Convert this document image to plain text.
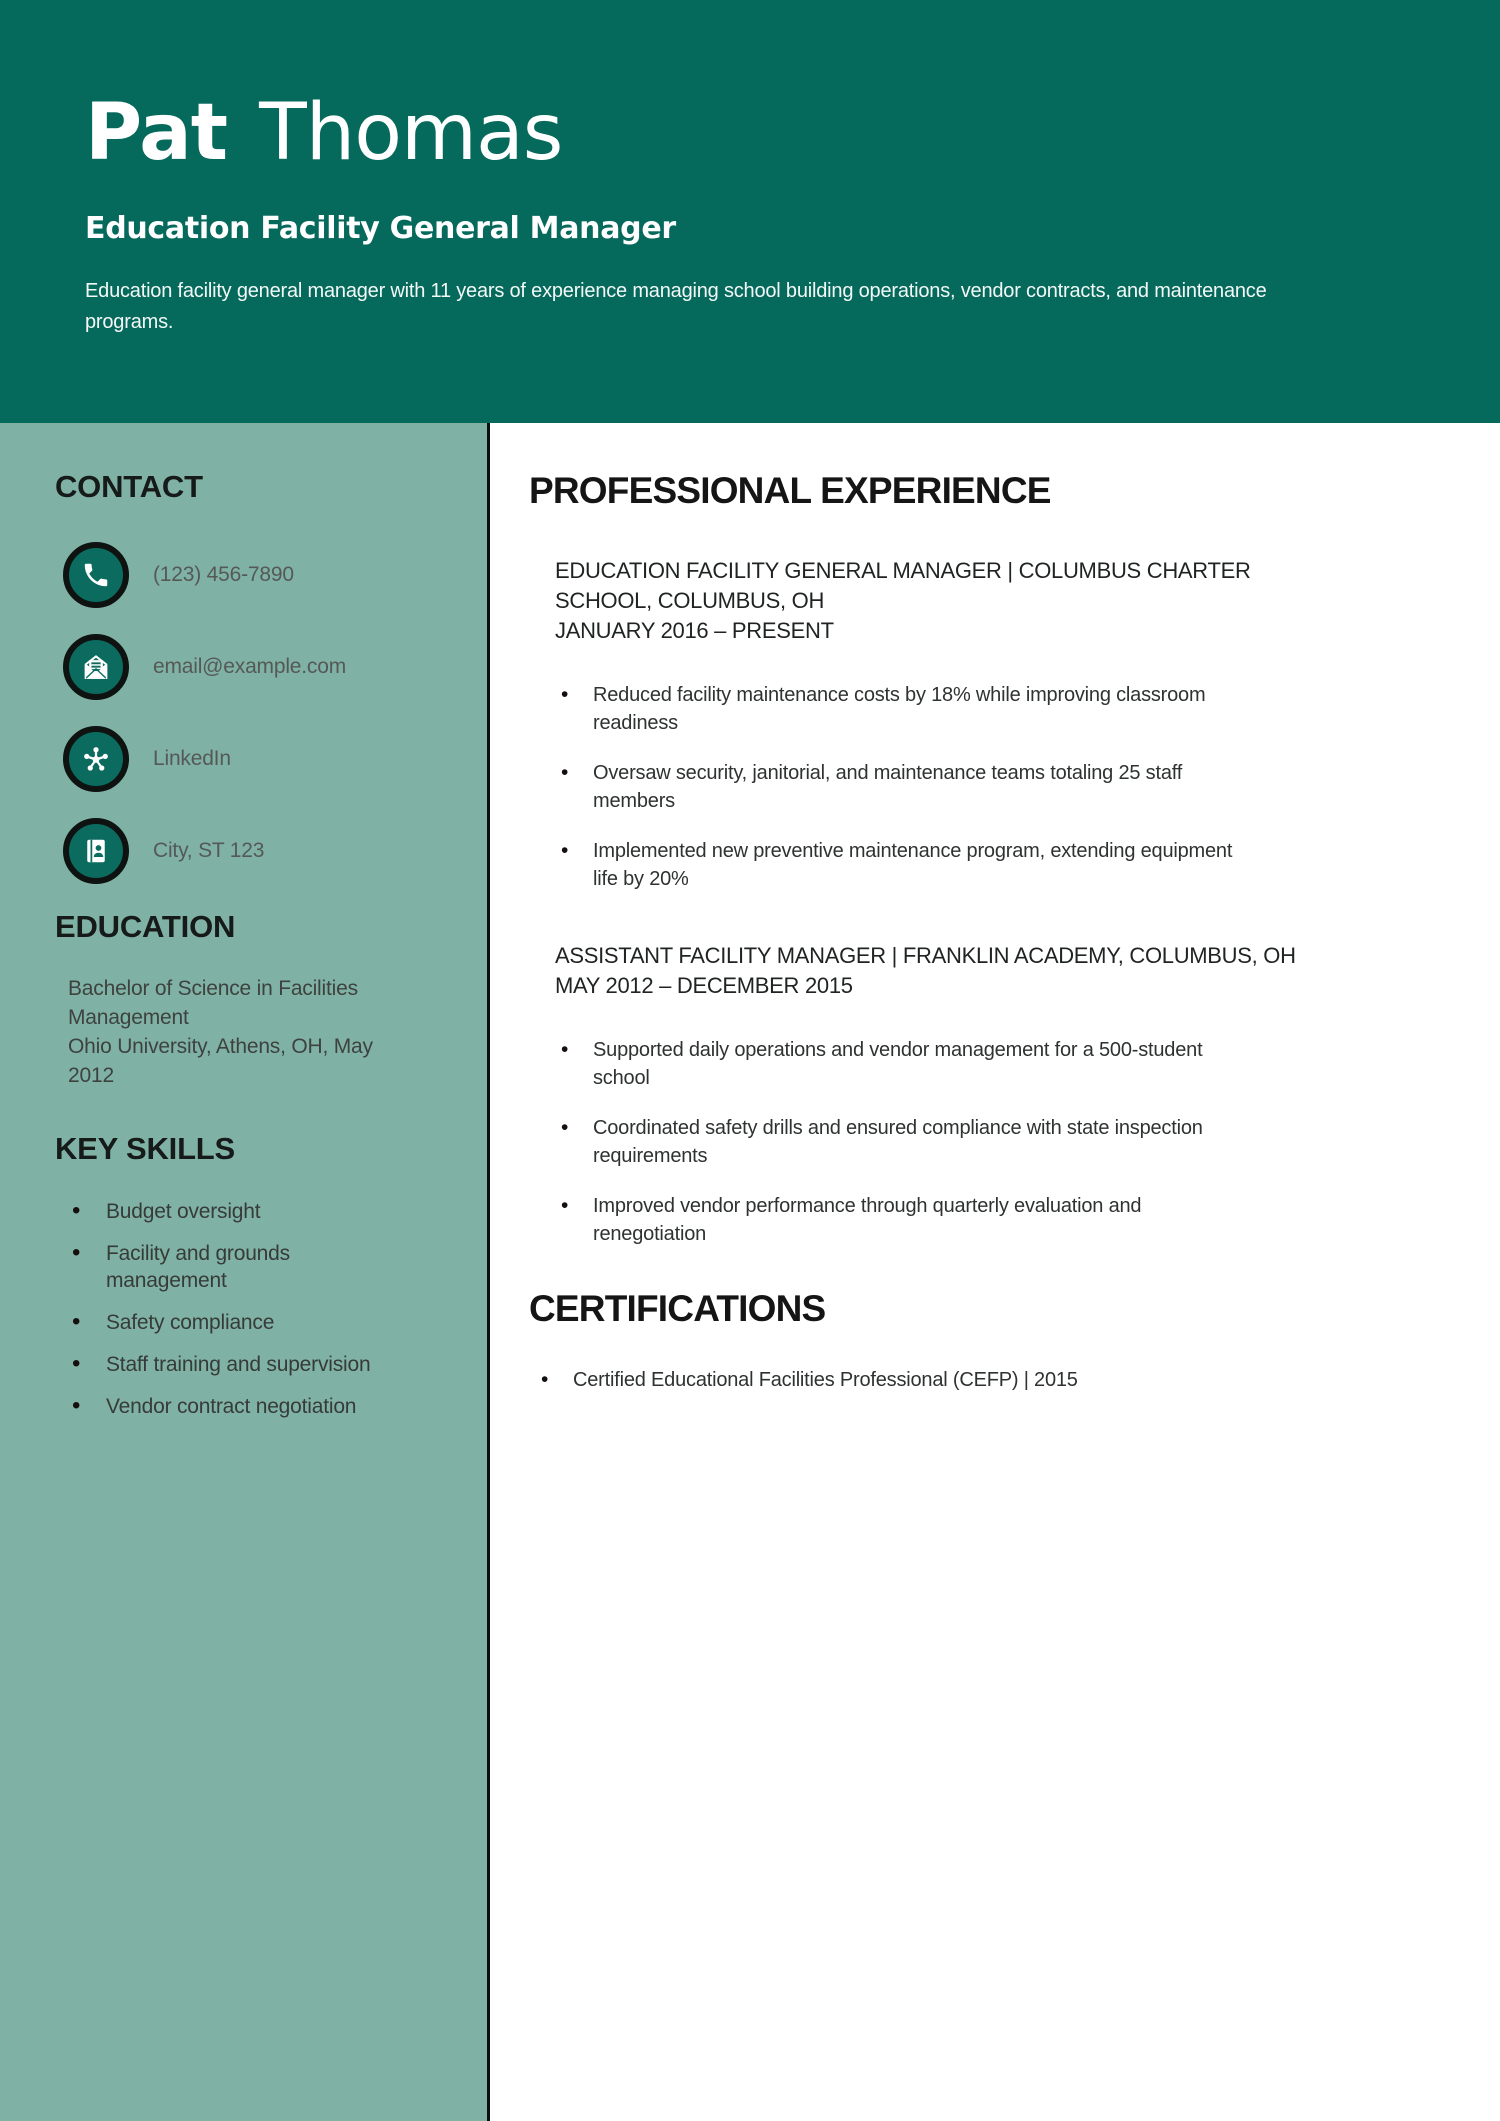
Pat Thomas
Education Facility General Manager

Education facility general manager with 11 years of experience managing school building operations, vendor contracts, and maintenance programs.

CONTACT
(123) 456-7890
email@example.com
LinkedIn
City, ST 123
EDUCATION
Bachelor of Science in Facilities Management
Ohio University, Athens, OH, May 2012
KEY SKILLS
• Budget oversight
• Facility and grounds management
• Safety compliance
• Staff training and supervision
• Vendor contract negotiation
PROFESSIONAL EXPERIENCE
EDUCATION FACILITY GENERAL MANAGER | COLUMBUS CHARTER
SCHOOL, COLUMBUS, OH
JANUARY 2016 – PRESENT
• Reduced facility maintenance costs by 18% while improving classroom readiness
• Oversaw security, janitorial, and maintenance teams totaling 25 staff members
• Implemented new preventive maintenance program, extending equipment life by 20%
ASSISTANT FACILITY MANAGER | FRANKLIN ACADEMY, COLUMBUS, OH
MAY 2012 – DECEMBER 2015
• Supported daily operations and vendor management for a 500-student school
• Coordinated safety drills and ensured compliance with state inspection requirements
• Improved vendor performance through quarterly evaluation and renegotiation
CERTIFICATIONS
• Certified Educational Facilities Professional (CEFP) | 2015
